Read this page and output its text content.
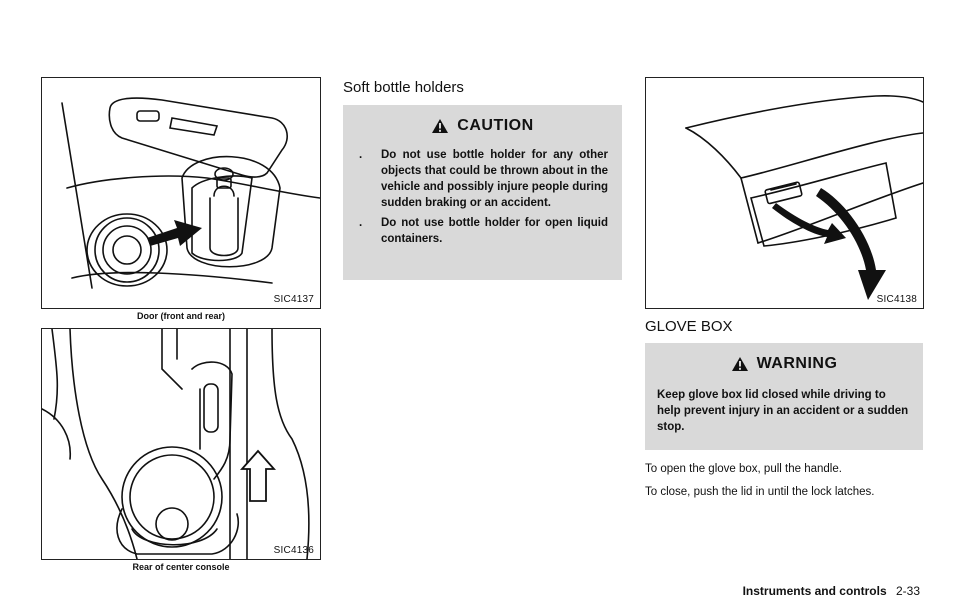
SIC4137
Door (front and rear)
SIC4136
Rear of center console
Soft bottle holders
CAUTION
. Do not use bottle holder for any other objects that could be thrown about in the vehicle and possibly injure people during sudden braking or an accident.
. Do not use bottle holder for open liquid containers.
SIC4138
GLOVE BOX
WARNING
Keep glove box lid closed while driving to help prevent injury in an accident or a sudden stop.
To open the glove box, pull the handle.
To close, push the lid in until the lock latches.
Instruments and controls 2-33
